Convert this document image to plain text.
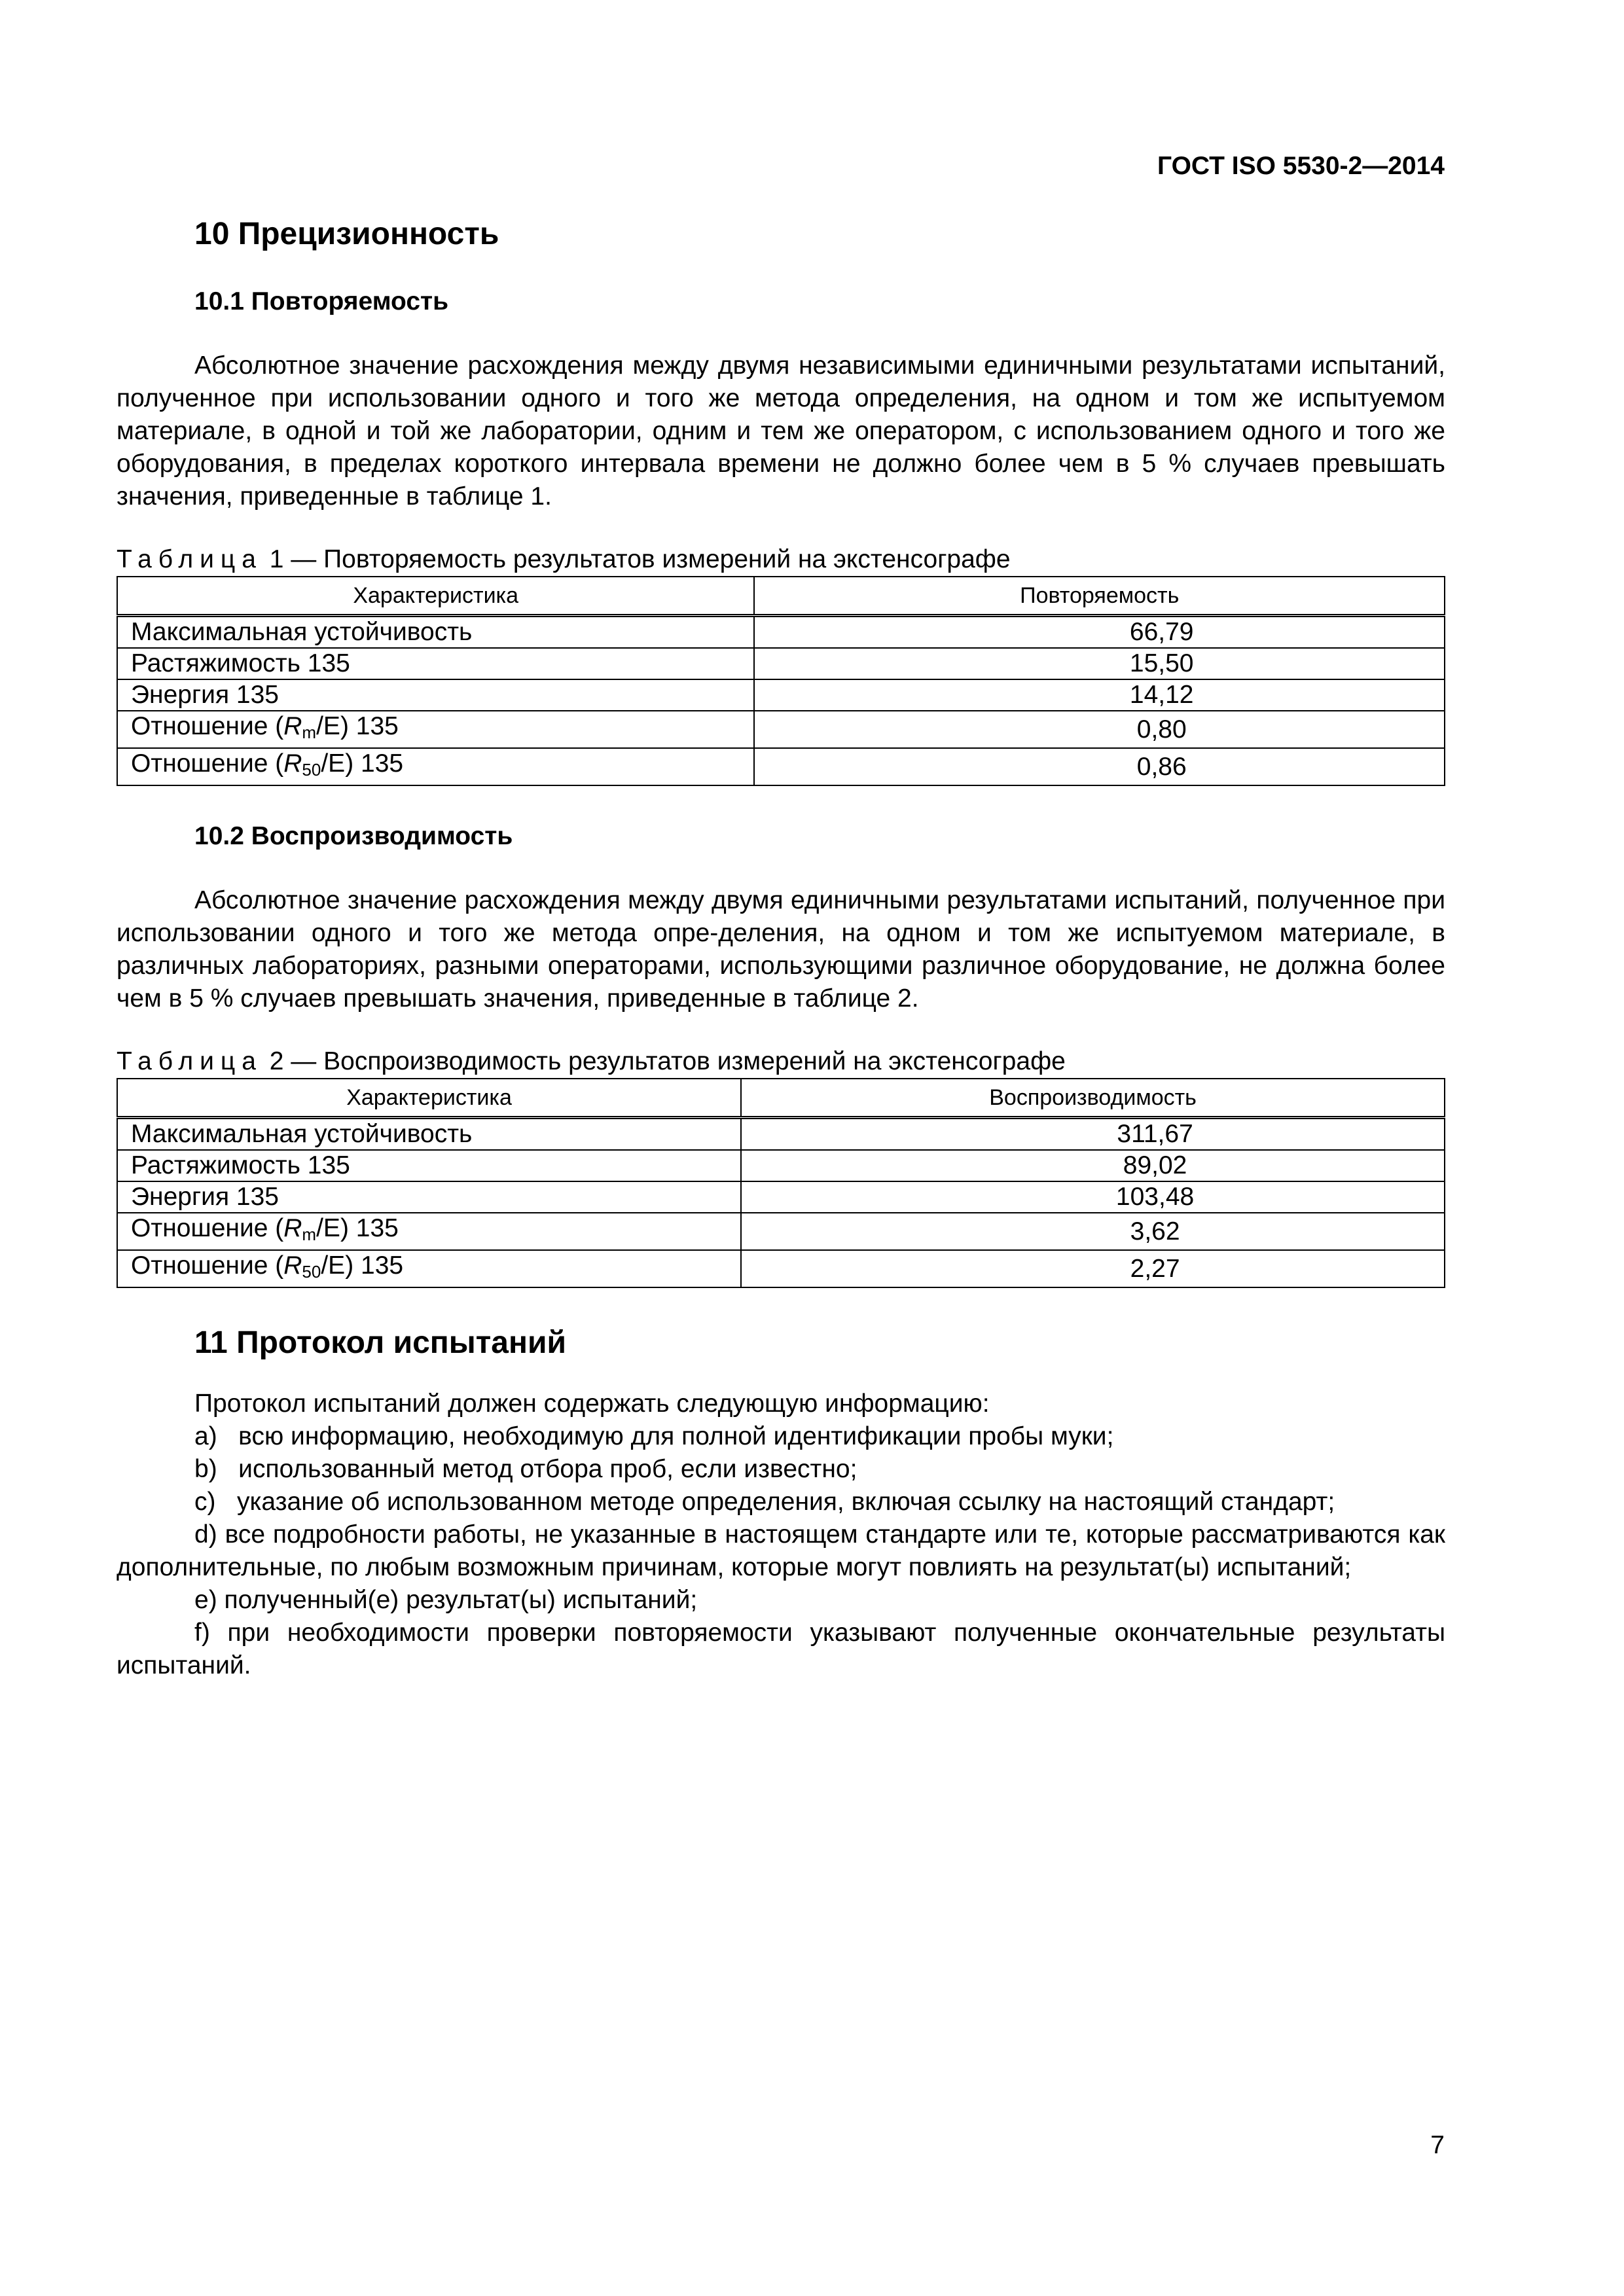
ГОСТ ISO 5530-2—2014
10 Прецизионность
10.1 Повторяемость

Абсолютное значение расхождения между двумя независимыми единичными результатами испытаний, полученное при использовании одного и того же метода определения, на одном и том же испытуемом материале, в одной и той же лаборатории, одним и тем же оператором, с использованием одного и того же оборудования, в пределах короткого интервала времени не должно более чем в 5 % случаев превышать значения, приведенные в таблице 1.

Таблица 1 — Повторяемость результатов измерений на экстенсографе
Характеристика	Повторяемость
Максимальная устойчивость	66,79
Растяжимость 135	15,50
Энергия 135	14,12
Отношение $(R_m/E)$ 135	0,80
Отношение $(R_{50}/E)$ 135	0,86
10.2 Воспроизводимость

Абсолютное значение расхождения между двумя единичными результатами испытаний, полученное при использовании одного и того же метода опре-деления, на одном и том же испытуемом материале, в различных лабораториях, разными операторами, использующими различное оборудование, не должна более чем в 5 % случаев превышать значения, приведенные в таблице 2.

Таблица 2 — Воспроизводимость результатов измерений на экстенсографе
Характеристика	Воспроизводимость
Максимальная устойчивость	311,67
Растяжимость 135	89,02
Энергия 135	103,48
Отношение $(R_m/E)$ 135	3,62
Отношение $(R_{50}/E)$ 135	2,27
11 Протокол испытаний

Протокол испытаний должен содержать следующую информацию:

a)   всю информацию, необходимую для полной идентификации пробы муки;

b)   использованный метод отбора проб, если известно;

c)   указание об использованном методе определения, включая ссылку на настоящий стандарт;

d) все подробности работы, не указанные в настоящем стандарте или те, которые рассматриваются как дополнительные, по любым возможным причинам, которые могут повлиять на результат(ы) испытаний;

e) полученный(е) результат(ы) испытаний;

f) при необходимости проверки повторяемости указывают полученные окончательные результаты испытаний.

7
